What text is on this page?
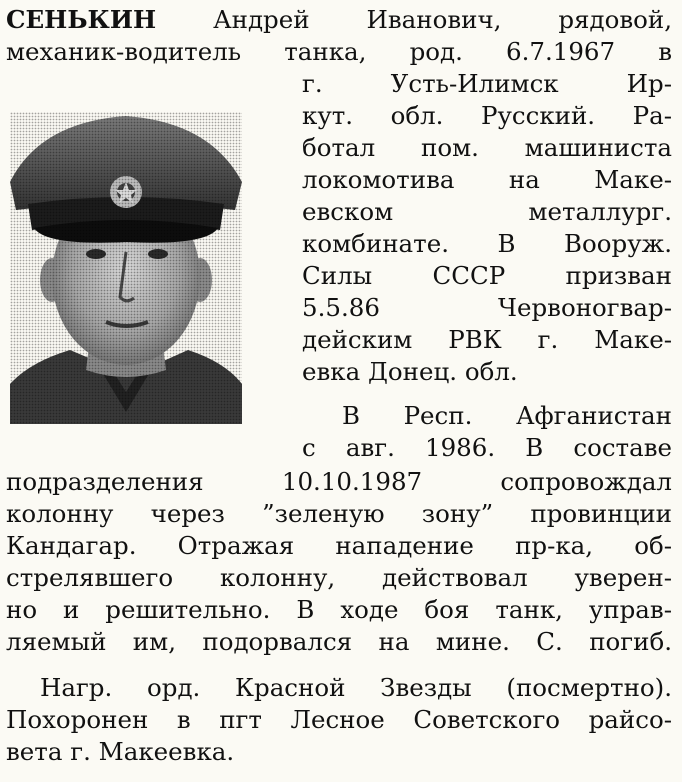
СЕНЬКИН Андрей Иванович, рядовой,
механик-водитель танка, род. 6.7.1967 в
г. Усть-Илимск Ир-
кут. обл. Русский. Ра-
ботал пом. машиниста
локомотива на Маке-
евском металлург.
комбинате. В Вооруж.
Силы СССР призван
5.5.86 Червоногвар-
дейским РВК г. Маке-
евка Донец. обл.
В Респ. Афганистан
с авг. 1986. В составе
подразделения 10.10.1987 сопровождал
колонну через ”зеленую зону” провинции
Кандагар. Отражая нападение пр-ка, об-
стрелявшего колонну, действовал уверен-
но и решительно. В ходе боя танк, управ-
ляемый им, подорвался на мине. С. погиб.
Нагр. орд. Красной Звезды (посмертно).
Похоронен в пгт Лесное Советского райсо-
вета г. Макеевка.
